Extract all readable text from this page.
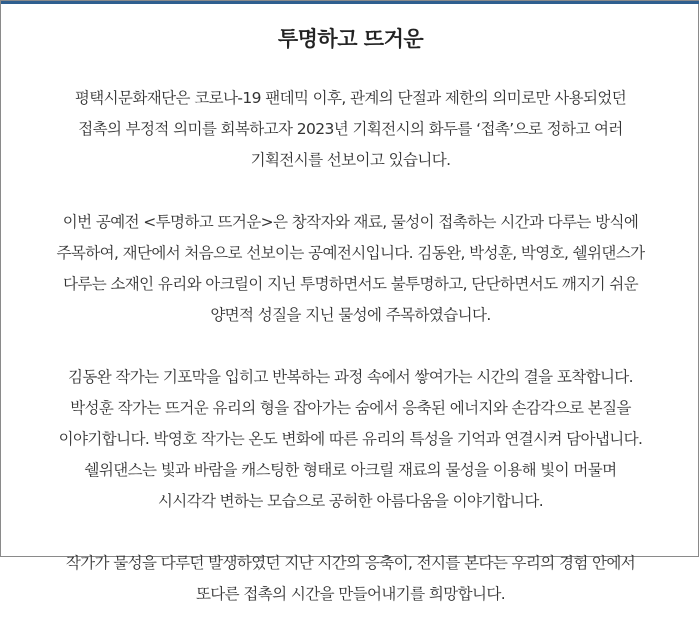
투명하고 뜨거운

평택시문화재단은 코로나-19 팬데믹 이후, 관계의 단절과 제한의 의미로만 사용되었던
접촉의 부정적 의미를 회복하고자 2023년 기획전시의 화두를 ‘접촉’으로 정하고 여러
기획전시를 선보이고 있습니다.

이번 공예전 <투명하고 뜨거운>은 창작자와 재료, 물성이 접촉하는 시간과 다루는 방식에
주목하여, 재단에서 처음으로 선보이는 공예전시입니다. 김동완, 박성훈, 박영호, 쉘위댄스가
다루는 소재인 유리와 아크릴이 지닌 투명하면서도 불투명하고, 단단하면서도 깨지기 쉬운
양면적 성질을 지닌 물성에 주목하였습니다.

김동완 작가는 기포막을 입히고 반복하는 과정 속에서 쌓여가는 시간의 결을 포착합니다.
박성훈 작가는 뜨거운 유리의 형을 잡아가는 숨에서 응축된 에너지와 손감각으로 본질을
이야기합니다. 박영호 작가는 온도 변화에 따른 유리의 특성을 기억과 연결시켜 담아냅니다.
쉘위댄스는 빛과 바람을 캐스팅한 형태로 아크릴 재료의 물성을 이용해 빛이 머물며
시시각각 변하는 모습으로 공허한 아름다움을 이야기합니다.

작가가 물성을 다루던 발생하였던 지난 시간의 응축이, 전시를 본다는 우리의 경험 안에서
또다른 접촉의 시간을 만들어내기를 희망합니다.
